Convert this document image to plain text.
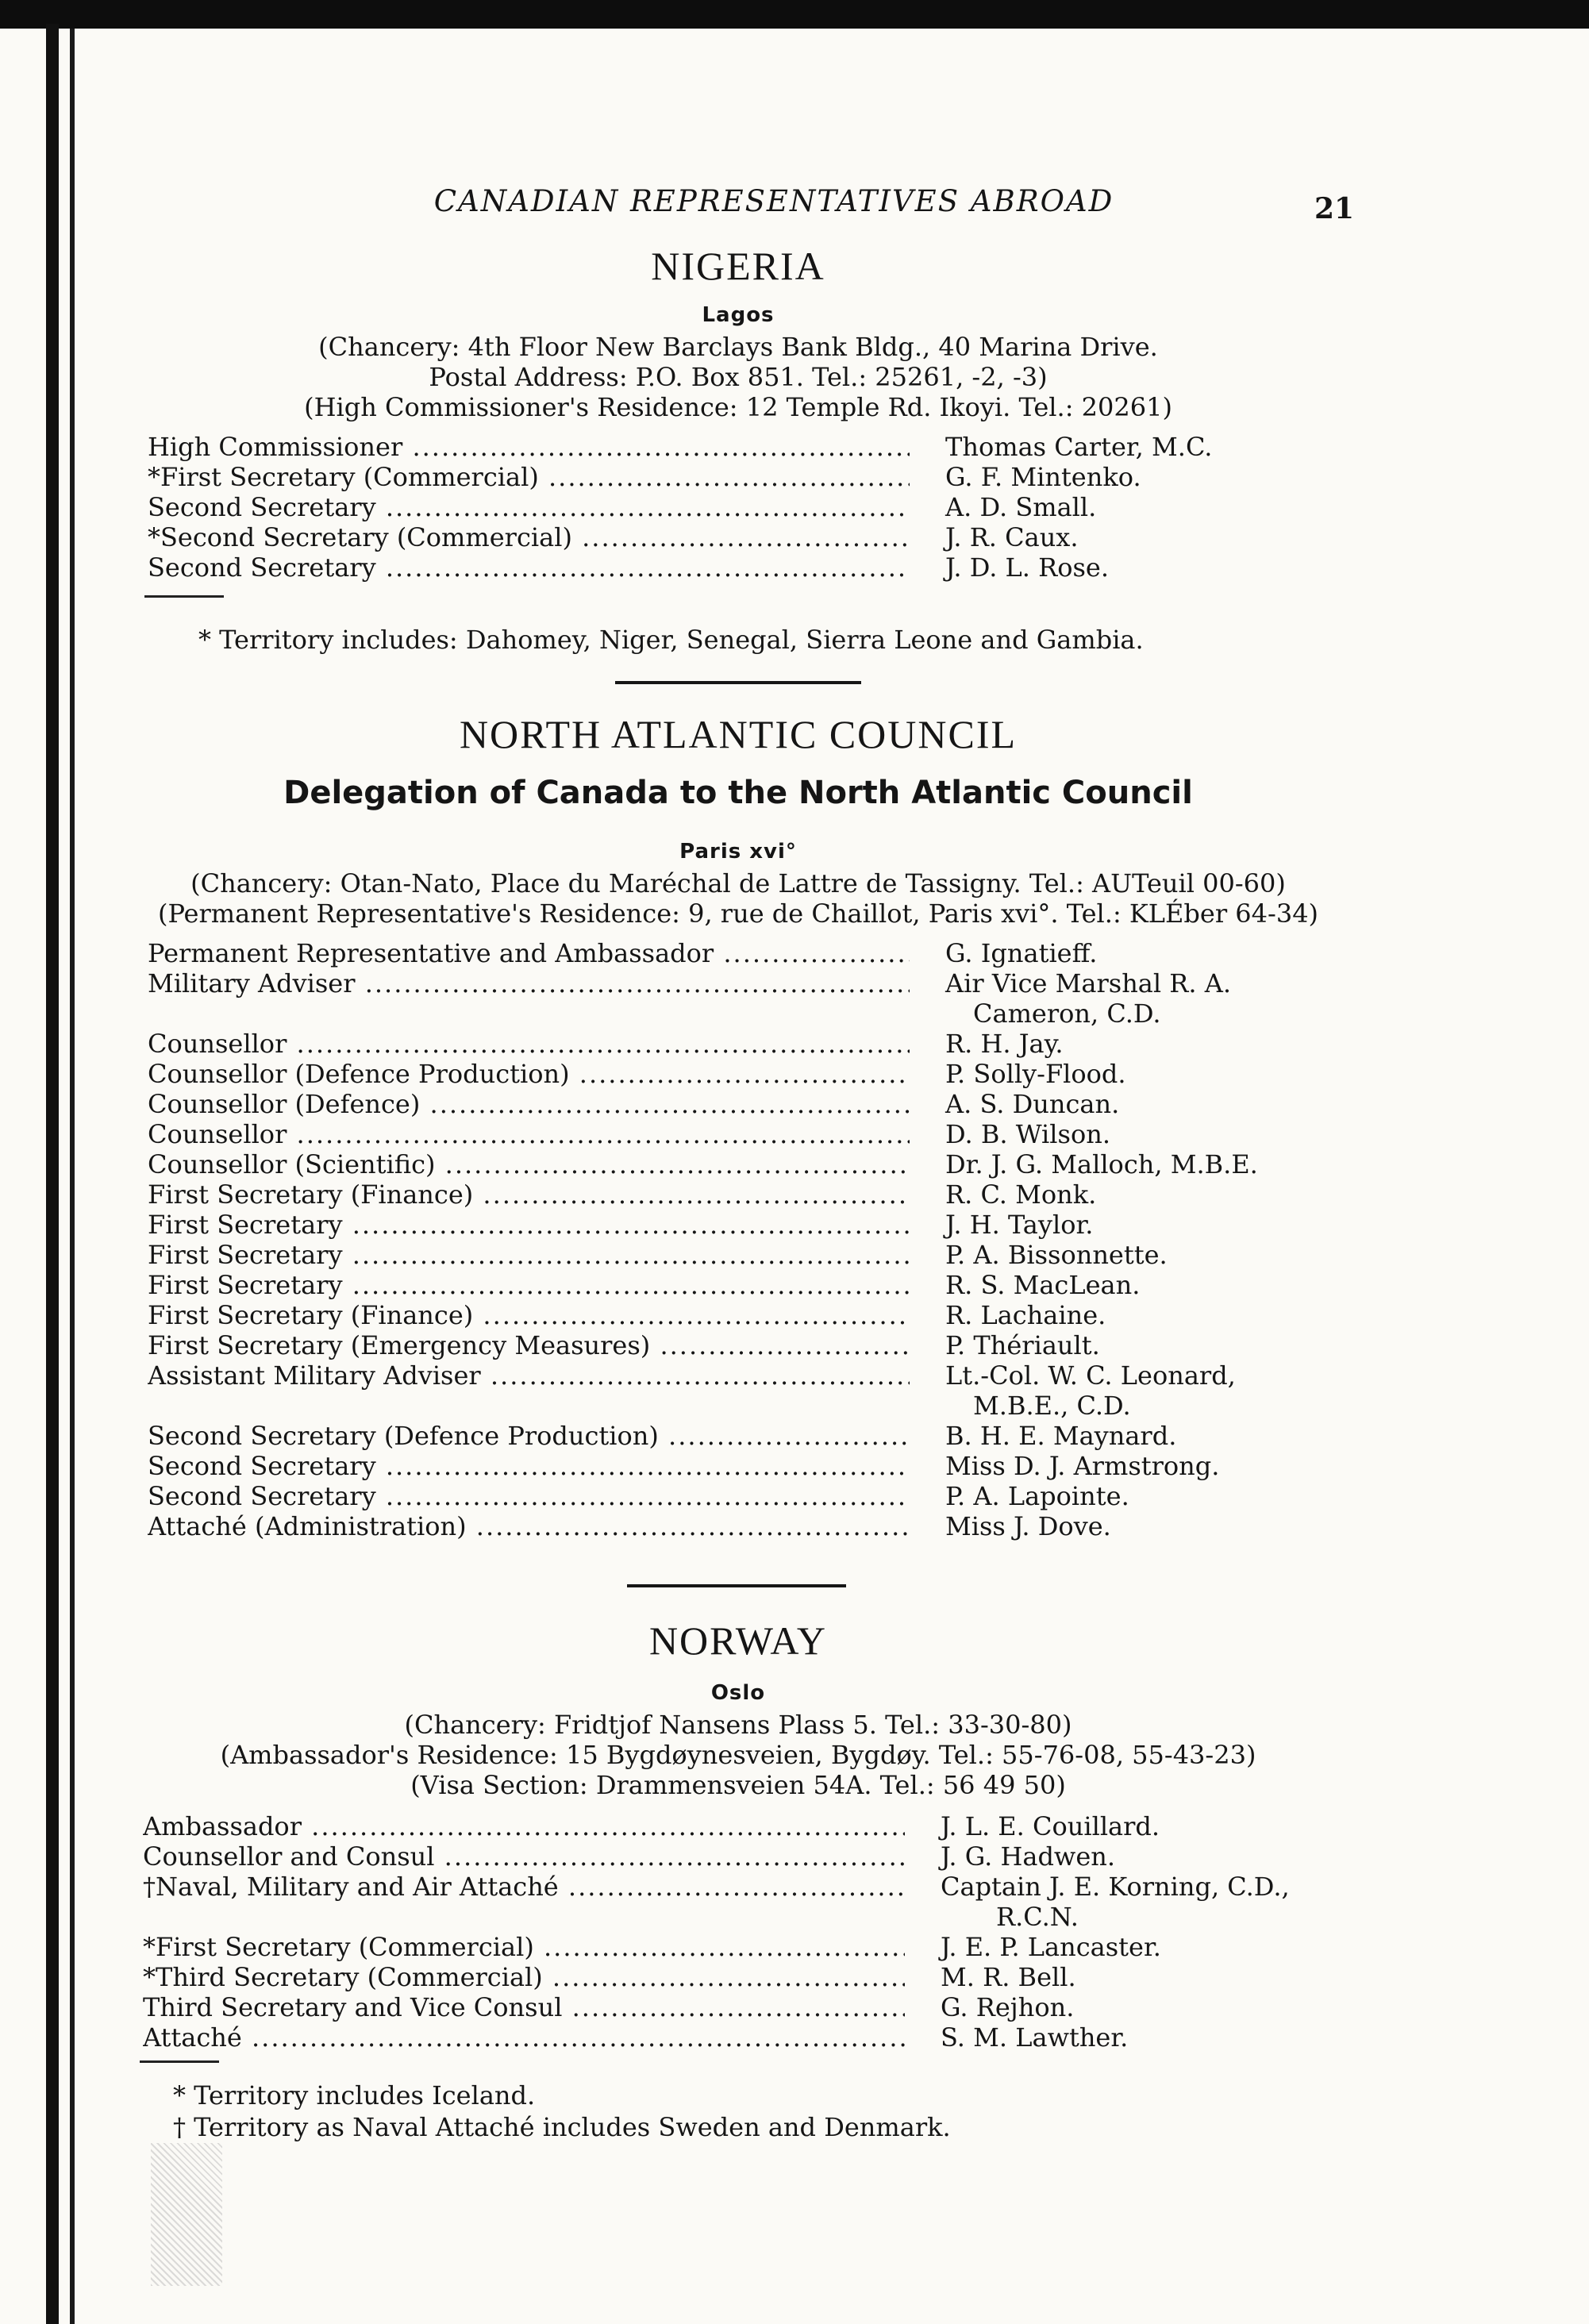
CANADIAN REPRESENTATIVES ABROAD	21
NIGERIA
Lagos
(Chancery: 4th Floor New Barclays Bank Bldg., 40 Marina Drive.
Postal Address: P.O. Box 851. Tel.: 25261, -2, -3)
(High Commissioner's Residence: 12 Temple Rd. Ikoyi. Tel.: 20261)
High Commissioner .....	Thomas Carter, M.C.
*First Secretary (Commercial) .....	G. F. Mintenko.
Second Secretary .....	A. D. Small.
*Second Secretary (Commercial) .....	J. R. Caux.
Second Secretary .....	J. D. L. Rose.
* Territory includes: Dahomey, Niger, Senegal, Sierra Leone and Gambia.
NORTH ATLANTIC COUNCIL
Delegation of Canada to the North Atlantic Council
Paris xvi°
(Chancery: Otan-Nato, Place du Maréchal de Lattre de Tassigny. Tel.: AUTeuil 00-60)
(Permanent Representative's Residence: 9, rue de Chaillot, Paris xvi°. Tel.: KLÉber 64-34)
Permanent Representative and Ambassador .....	G. Ignatieff.
Military Adviser .....	Air Vice Marshal R. A.
Cameron, C.D.
Counsellor .....	R. H. Jay.
Counsellor (Defence Production) .....	P. Solly-Flood.
Counsellor (Defence) .....	A. S. Duncan.
Counsellor .....	D. B. Wilson.
Counsellor (Scientific) .....	Dr. J. G. Malloch, M.B.E.
First Secretary (Finance) .....	R. C. Monk.
First Secretary .....	J. H. Taylor.
First Secretary .....	P. A. Bissonnette.
First Secretary .....	R. S. MacLean.
First Secretary (Finance) .....	R. Lachaine.
First Secretary (Emergency Measures) .....	P. Thériault.
Assistant Military Adviser .....	Lt.-Col. W. C. Leonard,
M.B.E., C.D.
Second Secretary (Defence Production) .....	B. H. E. Maynard.
Second Secretary .....	Miss D. J. Armstrong.
Second Secretary .....	P. A. Lapointe.
Attaché (Administration) .....	Miss J. Dove.
NORWAY
Oslo
(Chancery: Fridtjof Nansens Plass 5. Tel.: 33-30-80)
(Ambassador's Residence: 15 Bygdøynesveien, Bygdøy. Tel.: 55-76-08, 55-43-23)
(Visa Section: Drammensveien 54A. Tel.: 56 49 50)
Ambassador .....	J. L. E. Couillard.
Counsellor and Consul .....	J. G. Hadwen.
†Naval, Military and Air Attaché .....	Captain J. E. Korning, C.D.,
R.C.N.
*First Secretary (Commercial) .....	J. E. P. Lancaster.
*Third Secretary (Commercial) .....	M. R. Bell.
Third Secretary and Vice Consul .....	G. Rejhon.
Attaché .....	S. M. Lawther.
* Territory includes Iceland.
† Territory as Naval Attaché includes Sweden and Denmark.
